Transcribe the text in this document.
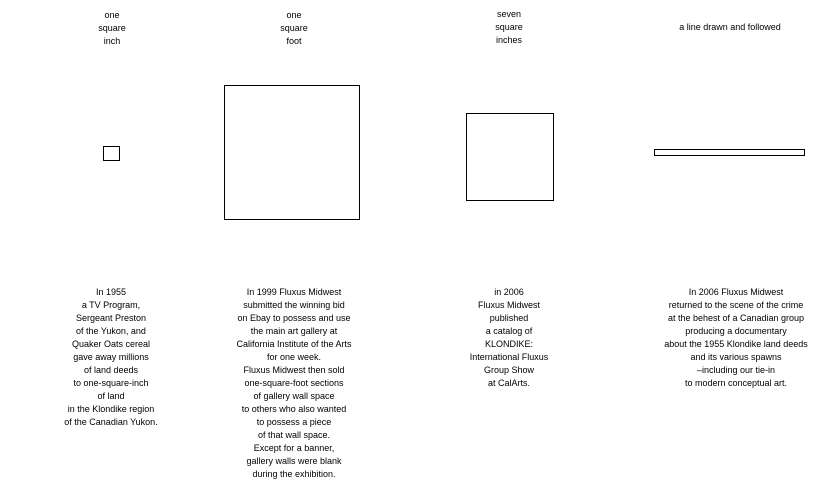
one
square
inch
In 1955
a TV Program,
Sergeant Preston
of the Yukon, and
Quaker Oats cereal
gave away millions
of land deeds
to one-square-inch
of land
in the Klondike region
of the Canadian Yukon.
one
square
foot
In 1999 Fluxus Midwest
submitted the winning bid
on Ebay to possess and use
the main art gallery at
California Institute of the Arts
for one week.
Fluxus Midwest then sold
one-square-foot sections
of gallery wall space
to others who also wanted
to possess a piece
of that wall space.
Except for a banner,
gallery walls were blank
during the exhibition.
seven
square
inches
in 2006
Fluxus Midwest
published
a catalog of
KLONDIKE:
International Fluxus
Group Show
at CalArts.
a line drawn and followed
In 2006 Fluxus Midwest
returned to the scene of the crime
at the behest of a Canadian group
producing a documentary
about the 1955 Klondike land deeds
and its various spawns
–including our tie-in
to modern conceptual art.
